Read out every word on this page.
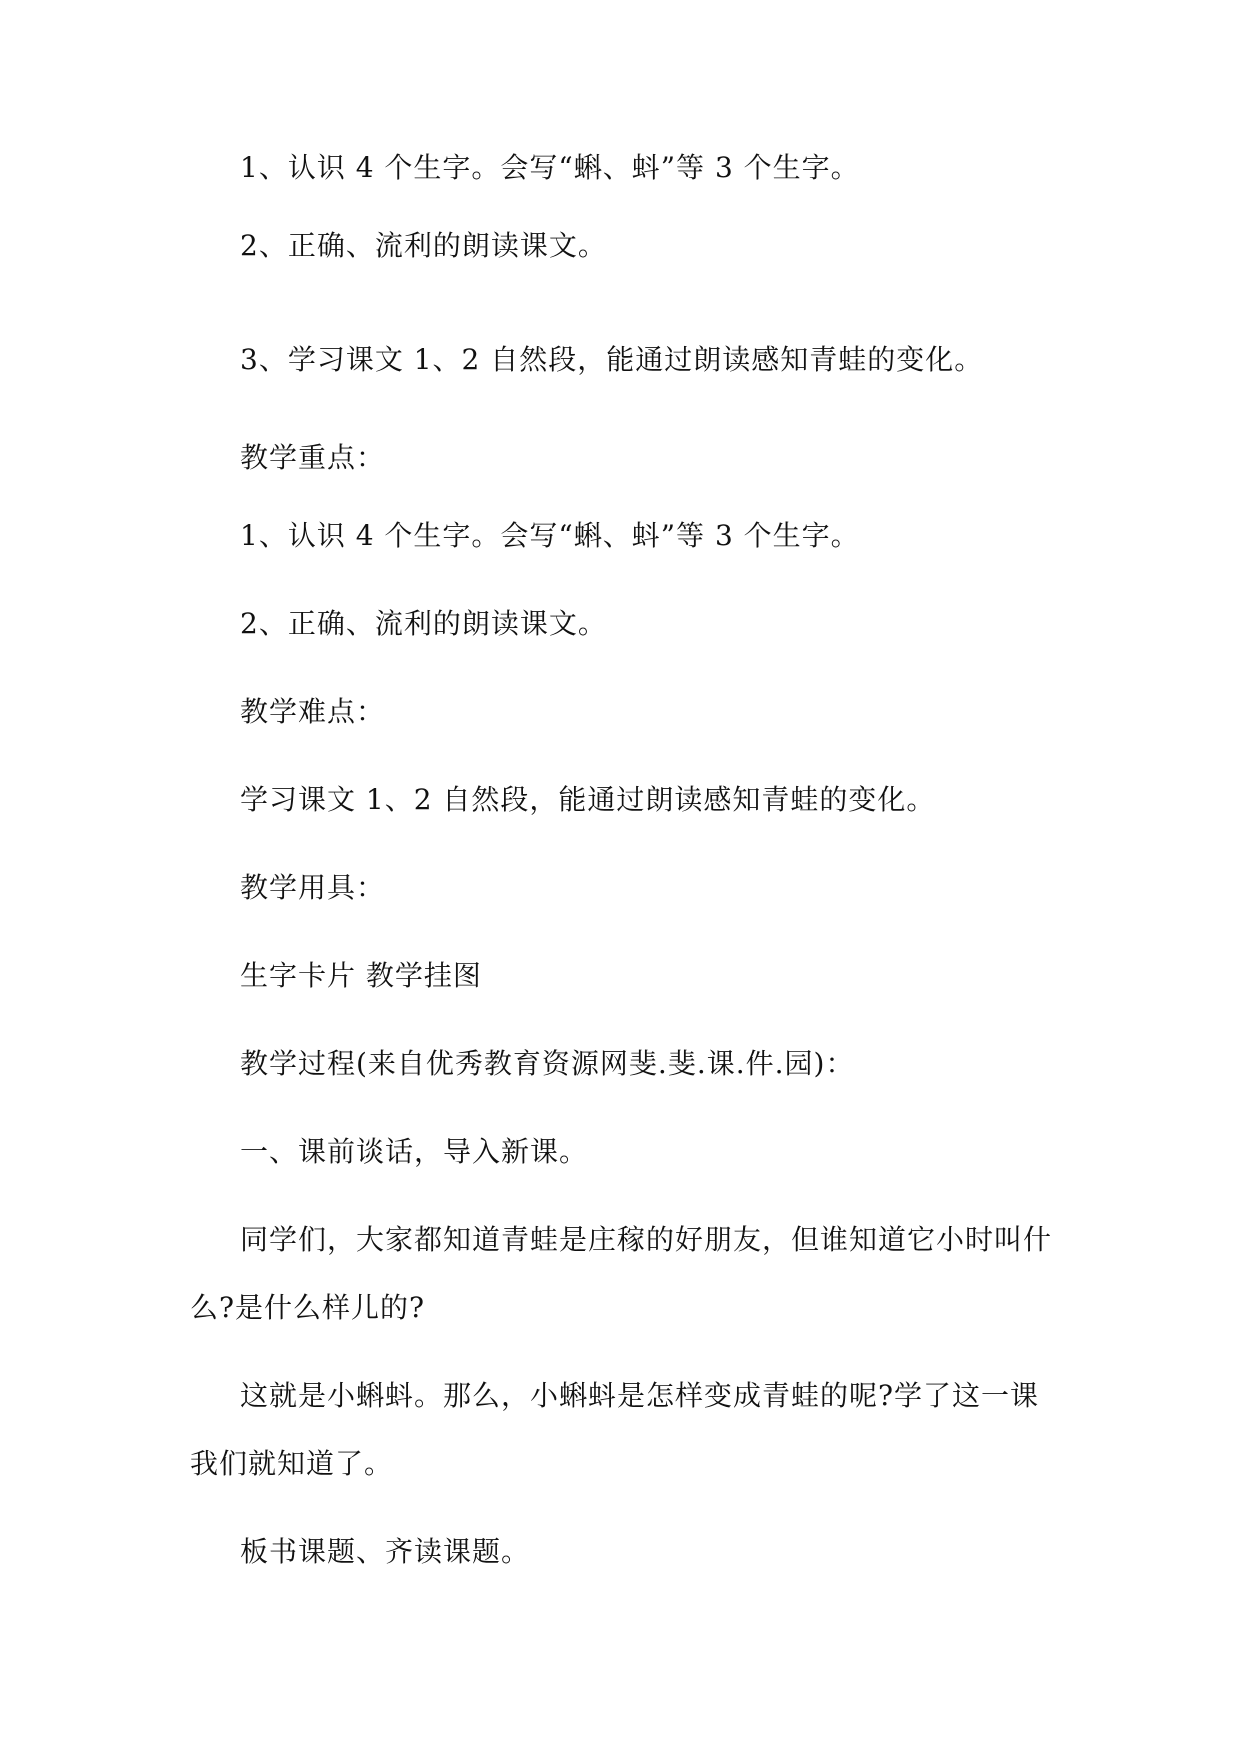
1、认识 4 个生字。会写“蝌、蚪”等 3 个生字。
2、正确、流利的朗读课文。
3、学习课文 1、2 自然段，能通过朗读感知青蛙的变化。
教学重点：
1、认识 4 个生字。会写“蝌、蚪”等 3 个生字。
2、正确、流利的朗读课文。
教学难点：
学习课文 1、2 自然段，能通过朗读感知青蛙的变化。
教学用具：
生字卡片 教学挂图
教学过程(来自优秀教育资源网斐.斐.课.件.园)：
一、课前谈话，导入新课。
同学们，大家都知道青蛙是庄稼的好朋友，但谁知道它小时叫什
么?是什么样儿的?
这就是小蝌蚪。那么，小蝌蚪是怎样变成青蛙的呢?学了这一课
我们就知道了。
板书课题、齐读课题。
